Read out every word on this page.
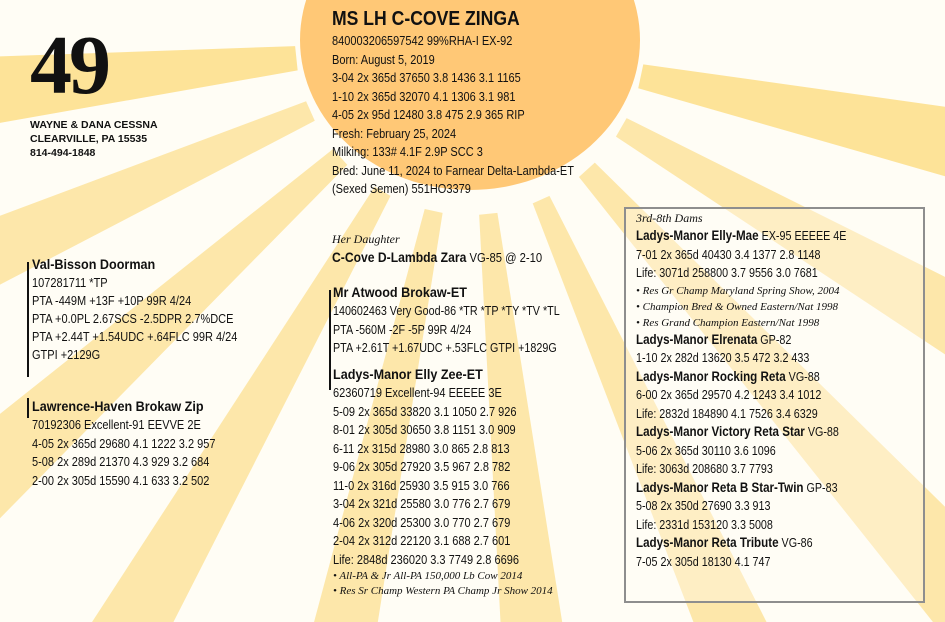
49
WAYNE & DANA CESSNA
CLEARVILLE, PA 15535
814-494-1848
MS LH C-COVE ZINGA
840003206597542 99%RHA-I EX-92
Born: August 5, 2019
3-04 2x 365d 37650 3.8 1436 3.1 1165
1-10 2x 365d 32070 4.1 1306 3.1 981
4-05 2x 95d 12480 3.8 475 2.9 365 RIP
Fresh: February 25, 2024
Milking: 133# 4.1F 2.9P SCC 3
Bred: June 11, 2024 to Farnear Delta-Lambda-ET
(Sexed Semen) 551HO3379
Her Daughter
C-Cove D-Lambda Zara VG-85 @ 2-10
Val-Bisson Doorman
107281711 *TP
PTA -449M +13F +10P 99R 4/24
PTA +0.0PL 2.67SCS -2.5DPR 2.7%DCE
PTA +2.44T +1.54UDC +.64FLC 99R 4/24
GTPI +2129G
Lawrence-Haven Brokaw Zip
70192306 Excellent-91 EEVVE 2E
4-05 2x 365d 29680 4.1 1222 3.2 957
5-08 2x 289d 21370 4.3 929 3.2 684
2-00 2x 305d 15590 4.1 633 3.2 502
Mr Atwood Brokaw-ET
140602463 Very Good-86 *TR *TP *TY *TV *TL
PTA -560M -2F -5P 99R 4/24
PTA +2.61T +1.67UDC +.53FLC GTPI +1829G
Ladys-Manor Elly Zee-ET
62360719 Excellent-94 EEEEE 3E
5-09 2x 365d 33820 3.1 1050 2.7 926
8-01 2x 305d 30650 3.8 1151 3.0 909
6-11 2x 315d 28980 3.0 865 2.8 813
9-06 2x 305d 27920 3.5 967 2.8 782
11-0 2x 316d 25930 3.5 915 3.0 766
3-04 2x 321d 25580 3.0 776 2.7 679
4-06 2x 320d 25300 3.0 770 2.7 679
2-04 2x 312d 22120 3.1 688 2.7 601
Life: 2848d 236020 3.3 7749 2.8 6696
• All-PA & Jr All-PA 150,000 Lb Cow 2014
• Res Sr Champ Western PA Champ Jr Show 2014
3rd-8th Dams
Ladys-Manor Elly-Mae EX-95 EEEEE 4E
7-01 2x 365d 40430 3.4 1377 2.8 1148
Life: 3071d 258800 3.7 9556 3.0 7681
• Res Gr Champ Maryland Spring Show, 2004
• Champion Bred & Owned Eastern/Nat 1998
• Res Grand Champion Eastern/Nat 1998
Ladys-Manor Elrenata GP-82
1-10 2x 282d 13620 3.5 472 3.2 433
Ladys-Manor Rocking Reta VG-88
6-00 2x 365d 29570 4.2 1243 3.4 1012
Life: 2832d 184890 4.1 7526 3.4 6329
Ladys-Manor Victory Reta Star VG-88
5-06 2x 365d 30110 3.6 1096
Life: 3063d 208680 3.7 7793
Ladys-Manor Reta B Star-Twin GP-83
5-08 2x 350d 27690 3.3 913
Life: 2331d 153120 3.3 5008
Ladys-Manor Reta Tribute VG-86
7-05 2x 305d 18130 4.1 747
